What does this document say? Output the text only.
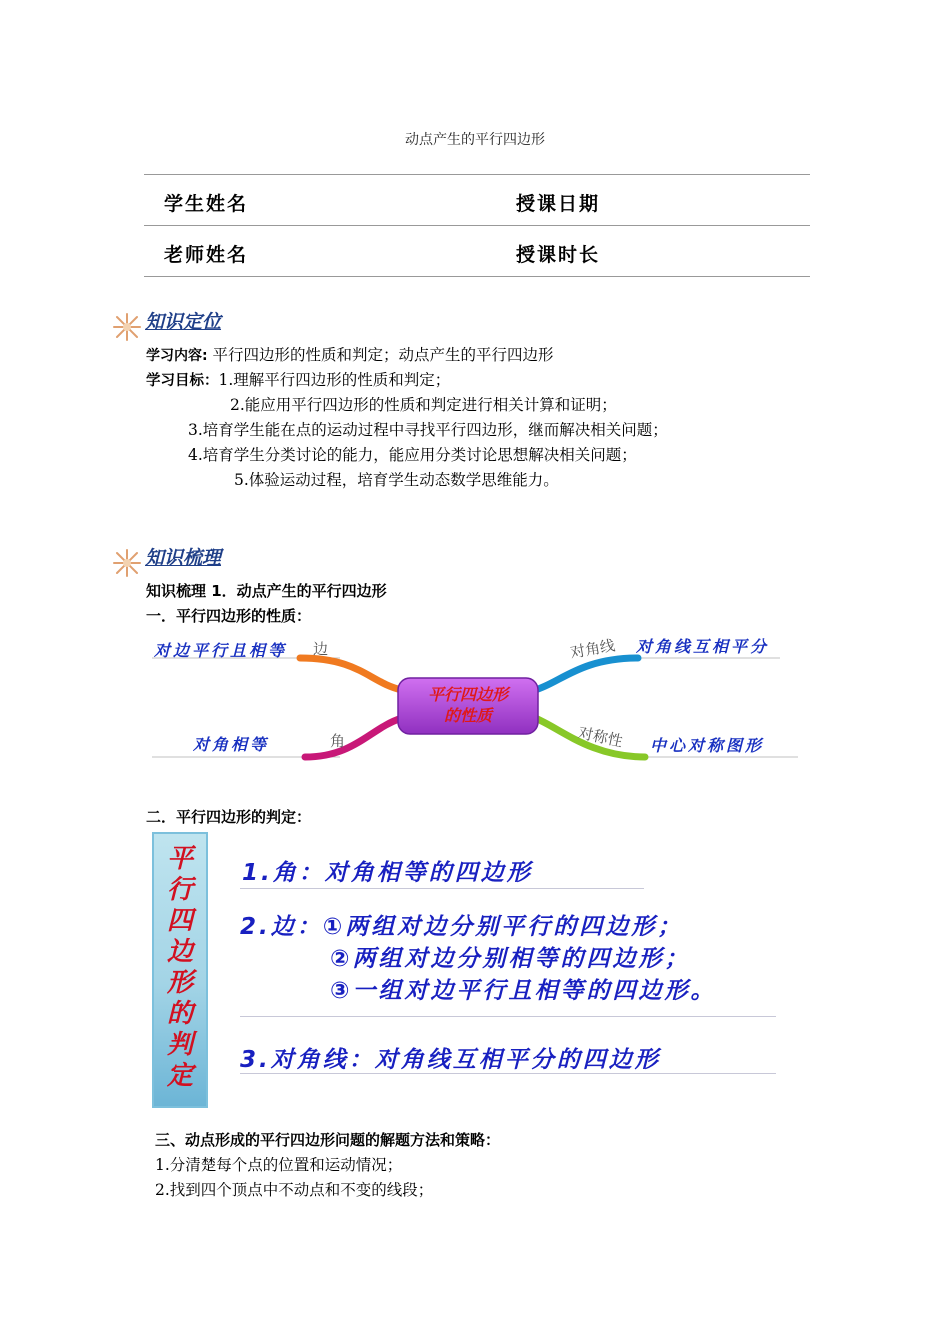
动点产生的平行四边形
学生姓名	授课日期
老师姓名	授课时长
知识定位
学习内容: 平行四边形的性质和判定；动点产生的平行四边形
学习目标：1.理解平行四边形的性质和判定；
2.能应用平行四边形的性质和判定进行相关计算和证明；
3.培育学生能在点的运动过程中寻找平行四边形，继而解决相关问题；
4.培育学生分类讨论的能力，能应用分类讨论思想解决相关问题；
5.体验运动过程，培育学生动态数学思维能力。
知识梳理
知识梳理 1．动点产生的平行四边形
一．平行四边形的性质：
平行四边形
的性质
对边平行且相等 边
对角相等	角
对角线 对角线互相平分
对称性 中心对称图形
二．平行四边形的判定：
平
行
四
边
形
的
判
定
1.角：对角相等的四边形
2.边：①两组对边分别平行的四边形；
②两组对边分别相等的四边形；
③一组对边平行且相等的四边形。
3.对角线：对角线互相平分的四边形
三、动点形成的平行四边形问题的解题方法和策略：
1.分清楚每个点的位置和运动情况；
2.找到四个顶点中不动点和不变的线段；
